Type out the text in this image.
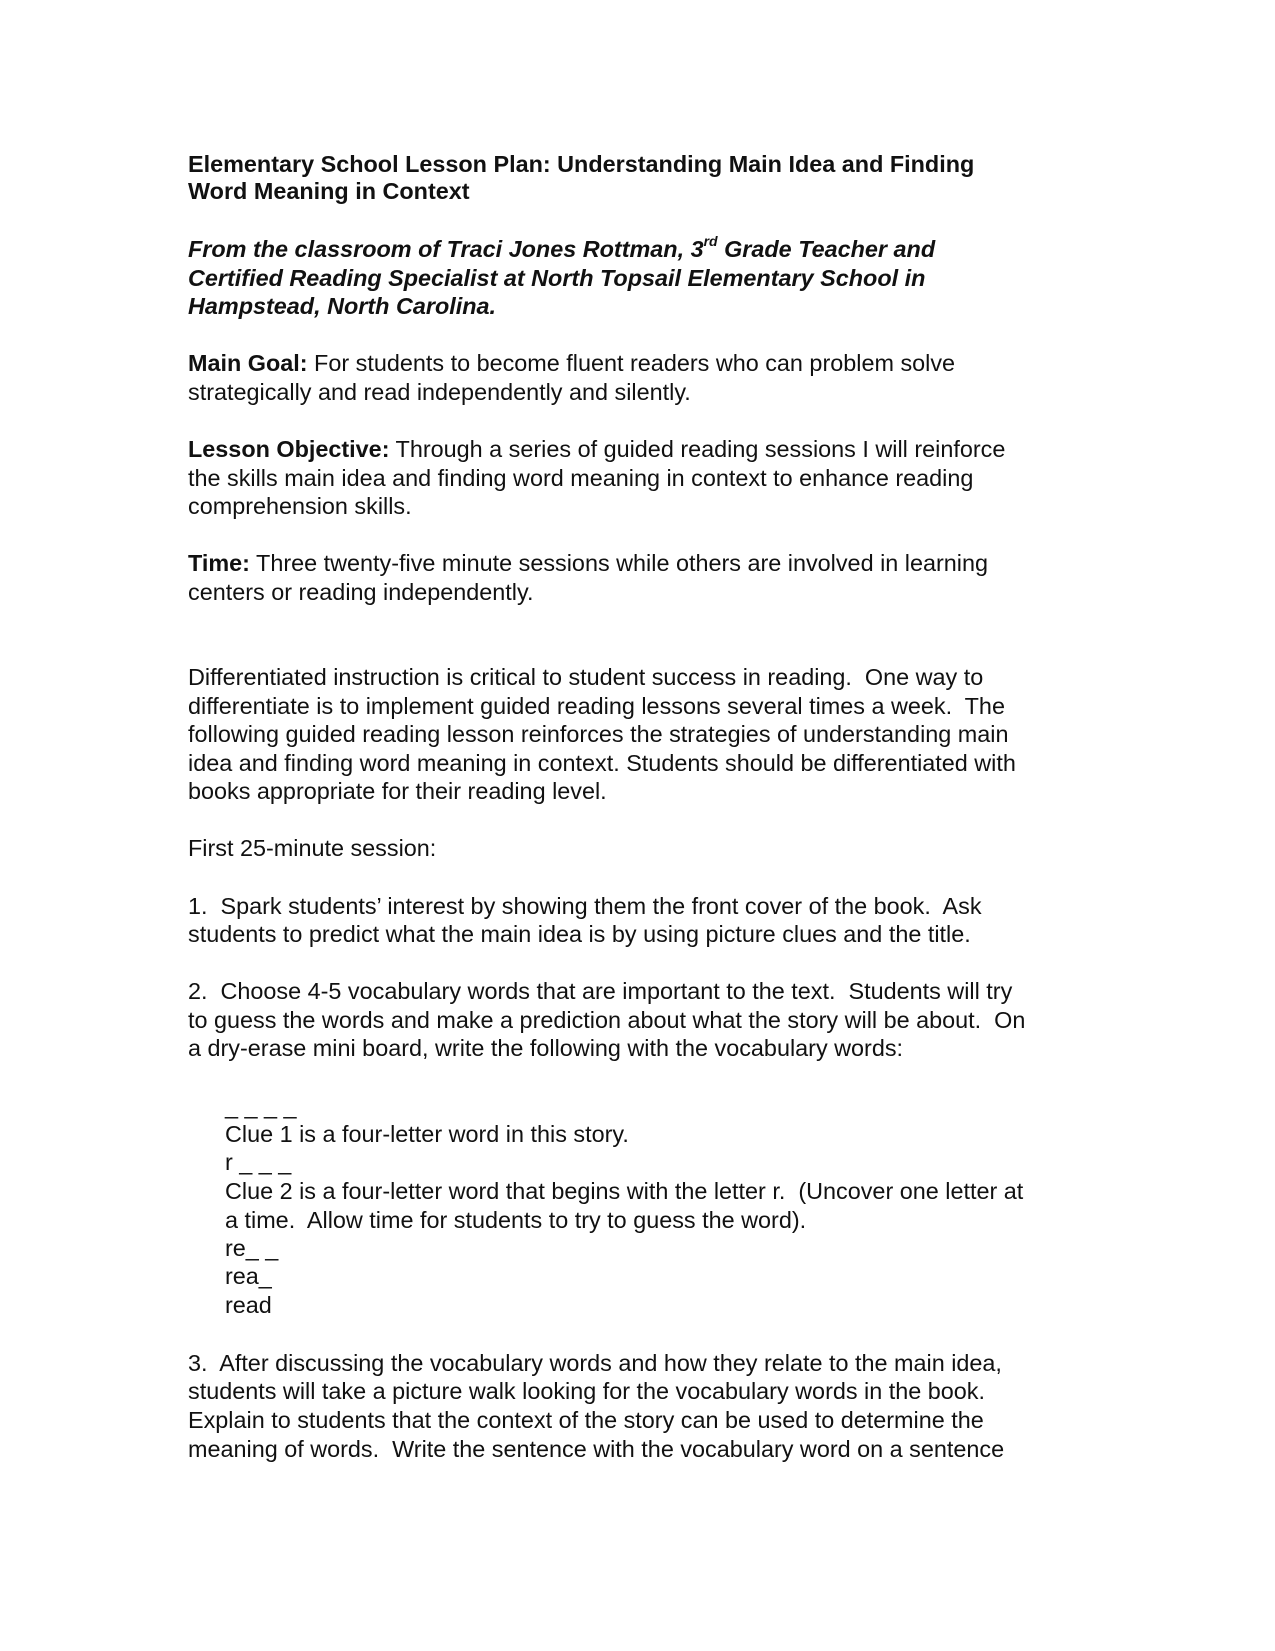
Elementary School Lesson Plan: Understanding Main Idea and Finding
Word Meaning in Context
From the classroom of Traci Jones Rottman, 3rd Grade Teacher and
Certified Reading Specialist at North Topsail Elementary School in
Hampstead, North Carolina.
Main Goal: For students to become fluent readers who can problem solve
strategically and read independently and silently.
Lesson Objective: Through a series of guided reading sessions I will reinforce
the skills main idea and finding word meaning in context to enhance reading
comprehension skills.
Time: Three twenty-five minute sessions while others are involved in learning
centers or reading independently.
Differentiated instruction is critical to student success in reading.  One way to
differentiate is to implement guided reading lessons several times a week.  The
following guided reading lesson reinforces the strategies of understanding main
idea and finding word meaning in context. Students should be differentiated with
books appropriate for their reading level.
First 25-minute session:
1.  Spark students’ interest by showing them the front cover of the book.  Ask
students to predict what the main idea is by using picture clues and the title.
2.  Choose 4-5 vocabulary words that are important to the text.  Students will try
to guess the words and make a prediction about what the story will be about.  On
a dry-erase mini board, write the following with the vocabulary words:
_ _ _ _
Clue 1 is a four-letter word in this story.
r _ _ _
Clue 2 is a four-letter word that begins with the letter r.  (Uncover one letter at
a time.  Allow time for students to try to guess the word).
re_ _
rea_
read
3.  After discussing the vocabulary words and how they relate to the main idea,
students will take a picture walk looking for the vocabulary words in the book.
Explain to students that the context of the story can be used to determine the
meaning of words.  Write the sentence with the vocabulary word on a sentence
